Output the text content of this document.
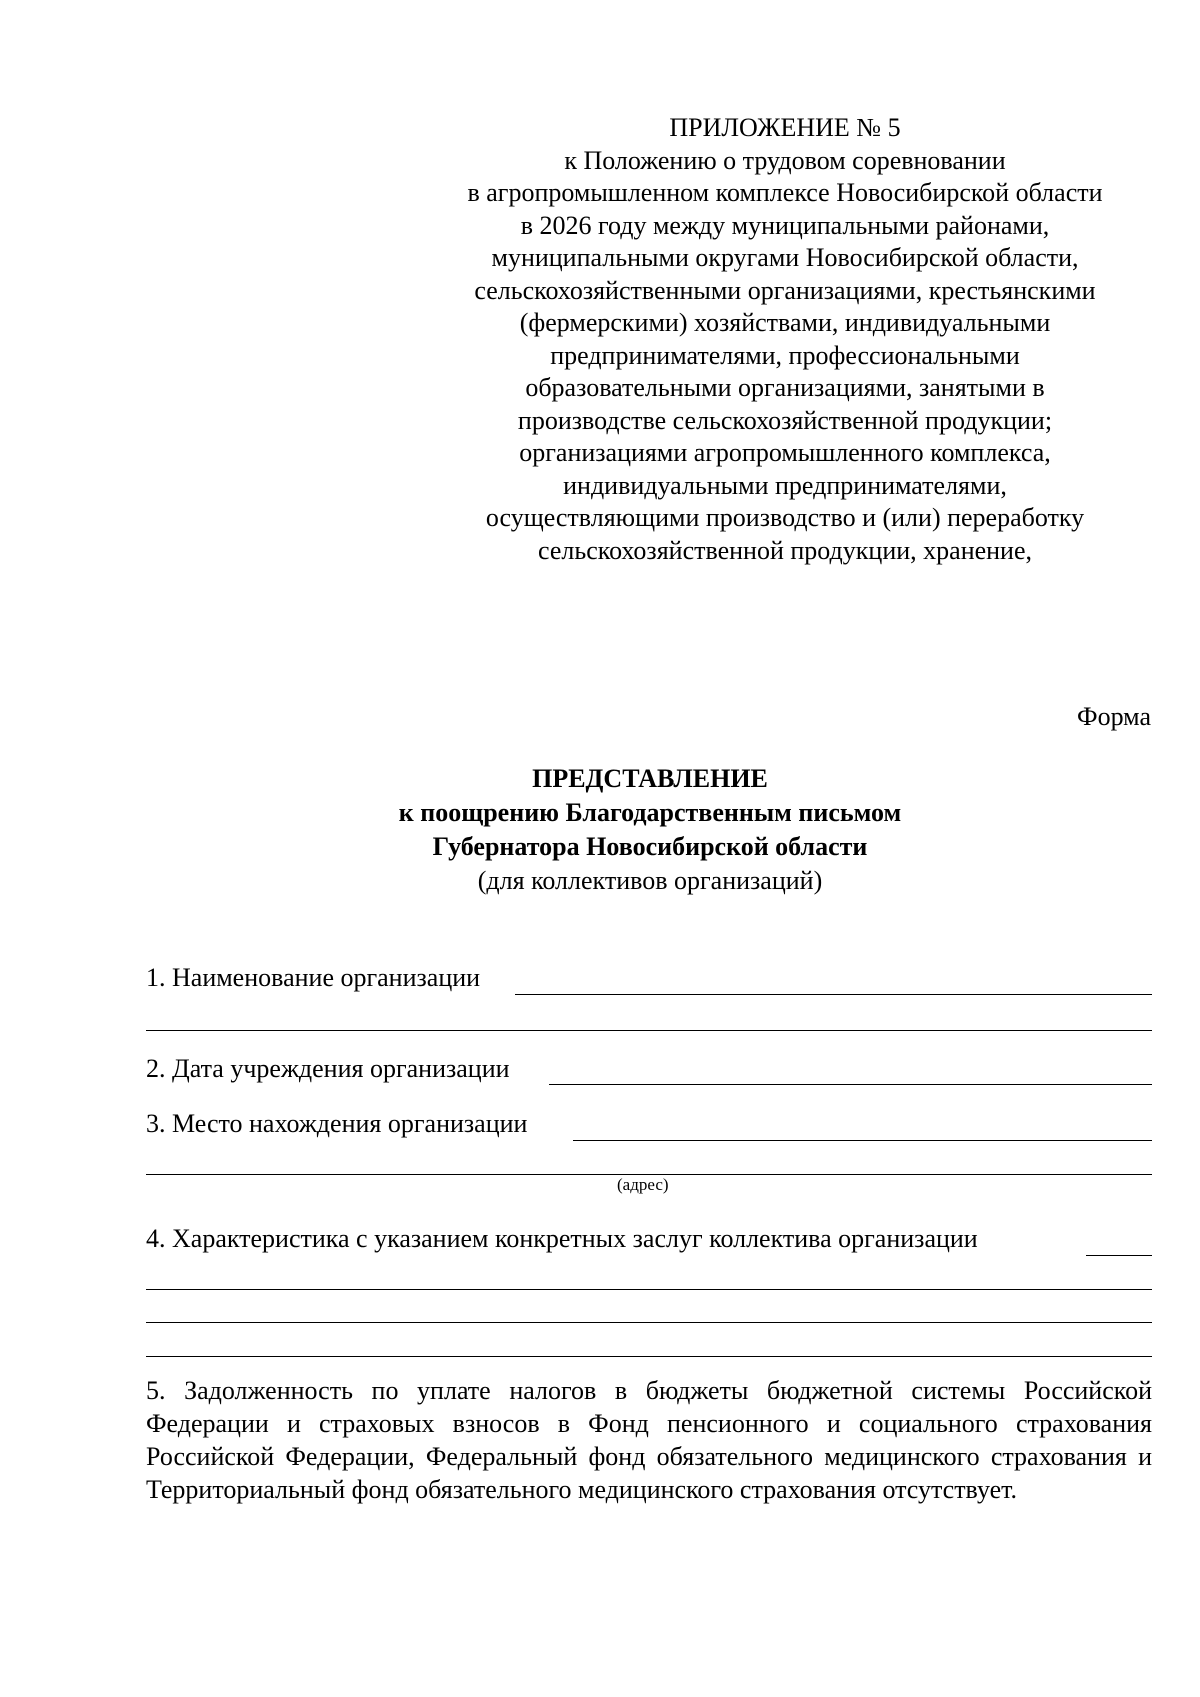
ПРИЛОЖЕНИЕ № 5
к Положению о трудовом соревновании
в агропромышленном комплексе Новосибирской области
в 2026 году между муниципальными районами,
муниципальными округами Новосибирской области,
сельскохозяйственными организациями, крестьянскими
(фермерскими) хозяйствами, индивидуальными
предпринимателями, профессиональными
образовательными организациями, занятыми в
производстве сельскохозяйственной продукции;
организациями агропромышленного комплекса,
индивидуальными предпринимателями,
осуществляющими производство и (или) переработку
сельскохозяйственной продукции, хранение,
Форма
ПРЕДСТАВЛЕНИЕ
к поощрению Благодарственным письмом
Губернатора Новосибирской области
(для коллективов организаций)
1. Наименование организации
2. Дата учреждения организации
3. Место нахождения организации
(адрес)
4. Характеристика с указанием конкретных заслуг коллектива организации
5. Задолженность по уплате налогов в бюджеты бюджетной системы Российской Федерации и страховых взносов в Фонд пенсионного и социального страхования Российской Федерации, Федеральный фонд обязательного медицинского страхования и Территориальный фонд обязательного медицинского страхования отсутствует.
